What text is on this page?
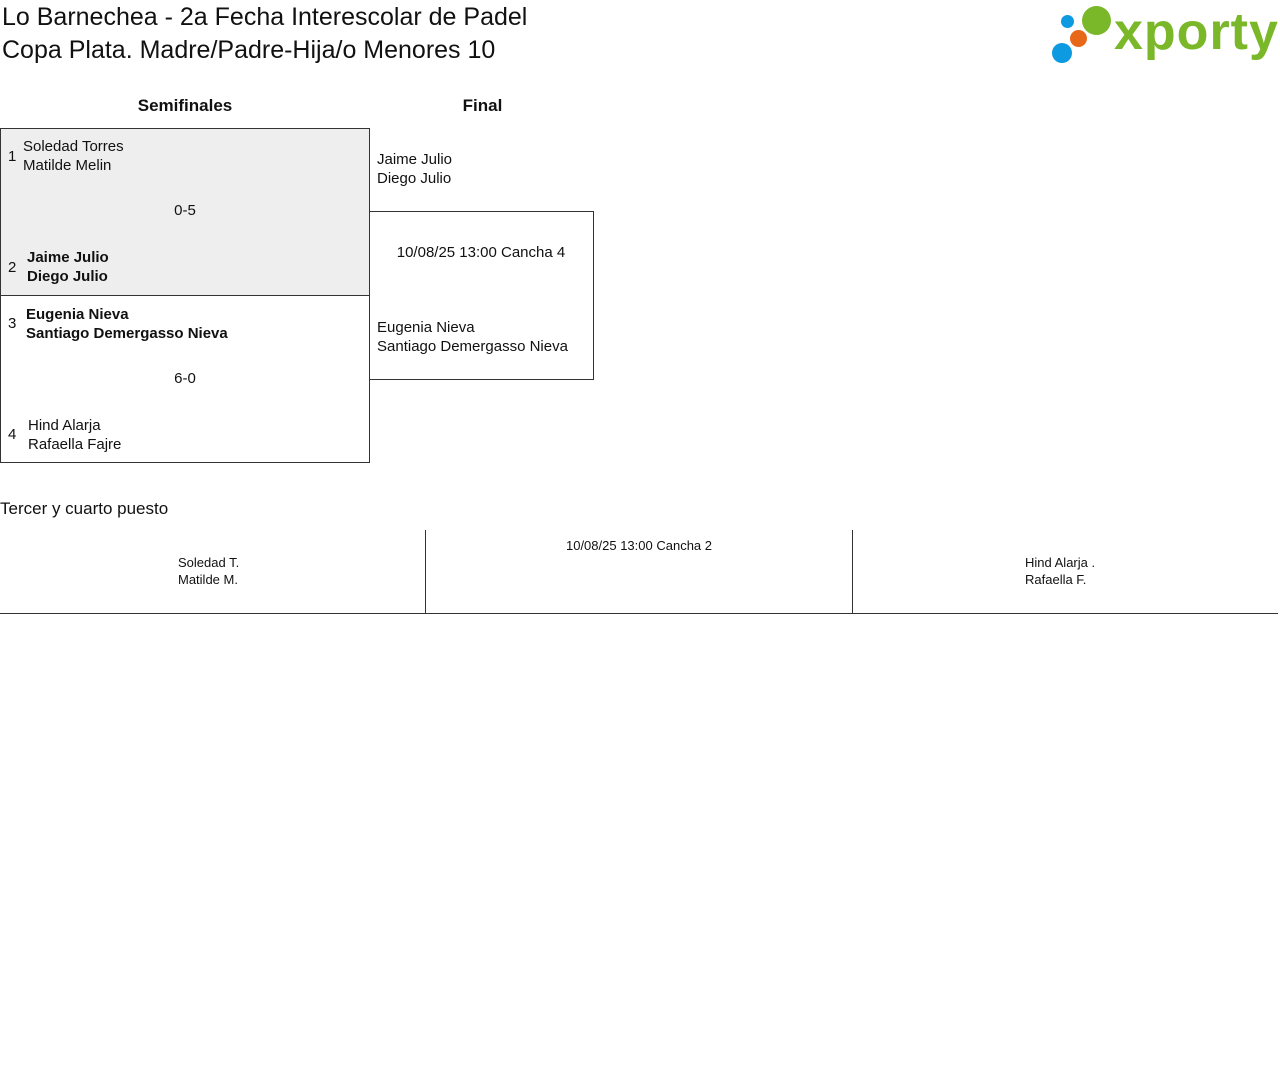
Lo Barnechea - 2a Fecha Interescolar de Padel
Copa Plata. Madre/Padre-Hija/o Menores 10	xporty
Semifinales	Final
1
Soledad Torres
Matilde Melin
0-5
2
Jaime Julio
Diego Julio
3
Eugenia Nieva
Santiago Demergasso Nieva
6-0
4
Hind Alarja
Rafaella Fajre
Jaime Julio
Diego Julio
10/08/25 13:00 Cancha 4
Eugenia Nieva
Santiago Demergasso Nieva
Tercer y cuarto puesto
Soledad T.
Matilde M.
10/08/25 13:00 Cancha 2
Hind Alarja .
Rafaella F.
